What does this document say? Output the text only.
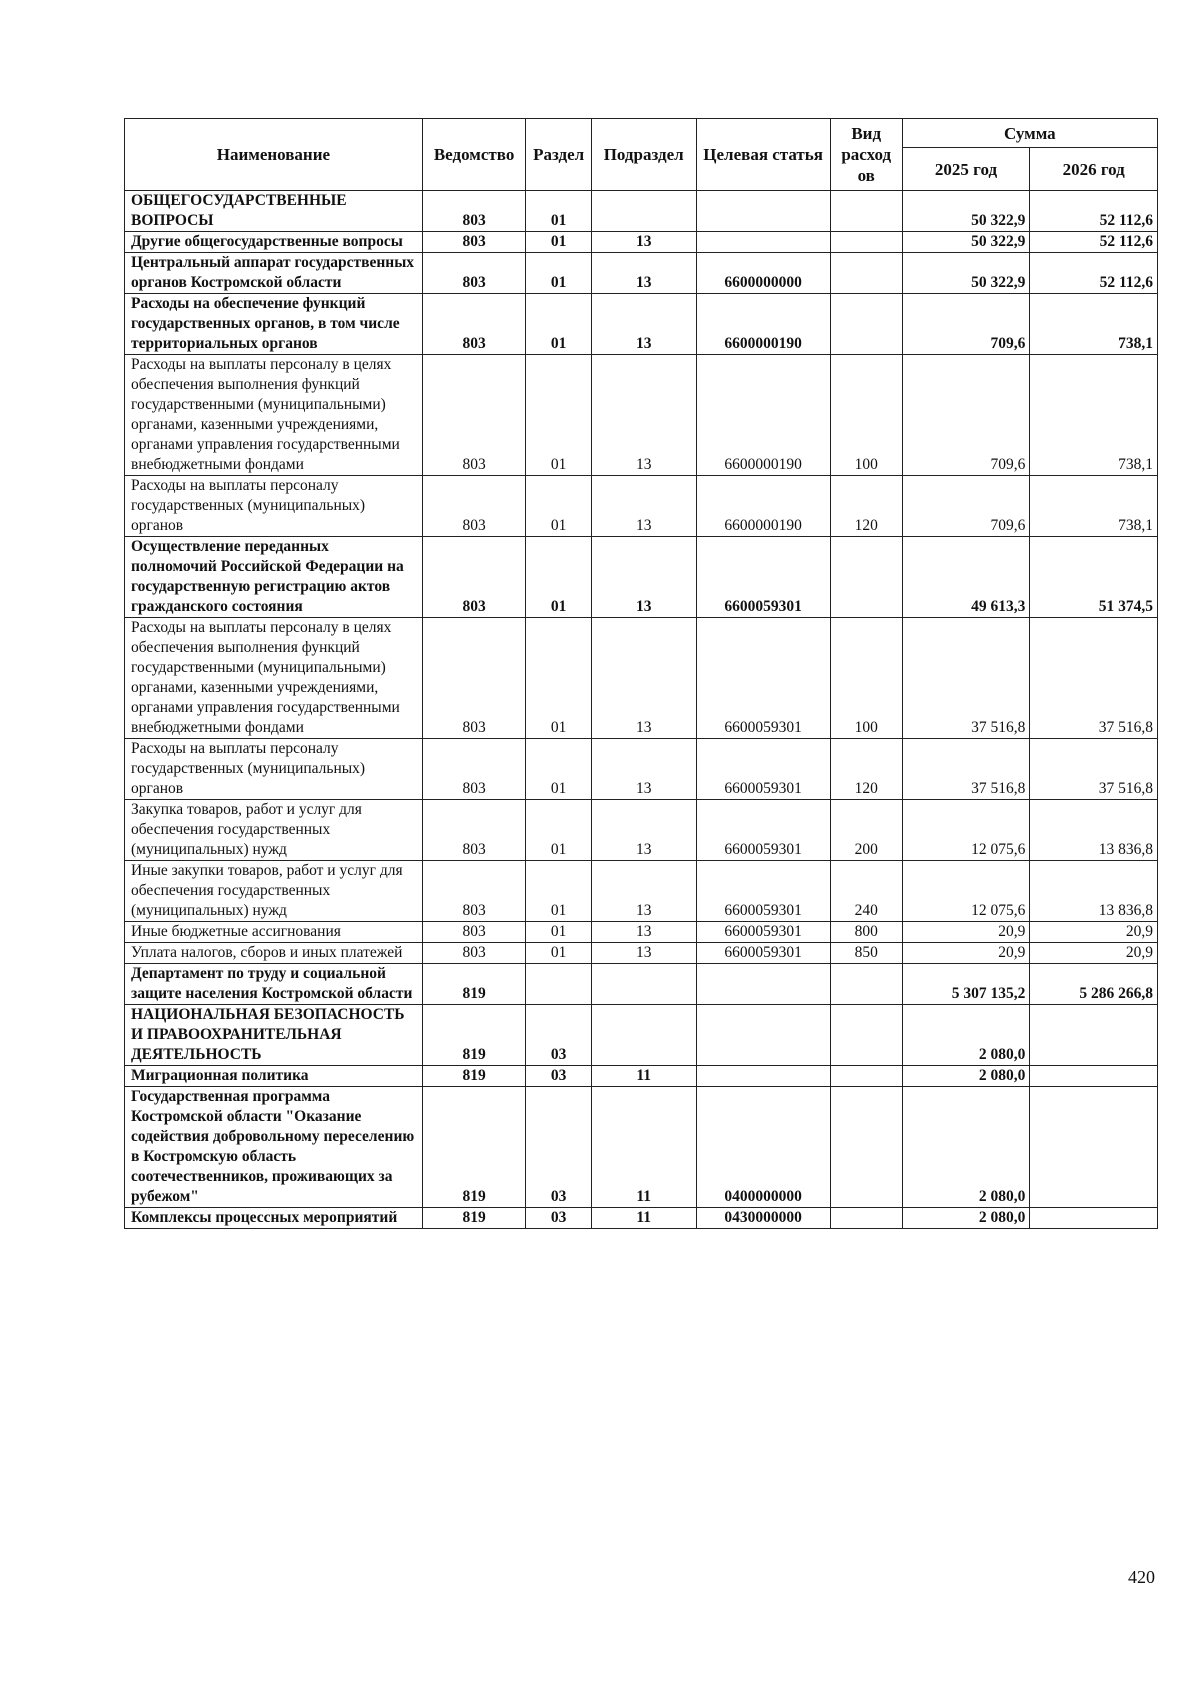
Наименование	Ведомство	Раздел	Подраздел	Целевая статья	Вид расход ов	Сумма	
						2025 год	2026 год
ОБЩЕГОСУДАРСТВЕННЫЕ ВОПРОСЫ	803	01				50 322,9	52 112,6
Другие общегосударственные вопросы	803	01	13			50 322,9	52 112,6
Центральный аппарат государственных органов Костромской области	803	01	13	6600000000		50 322,9	52 112,6
Расходы на обеспечение функций государственных органов, в том числе территориальных органов	803	01	13	6600000190		709,6	738,1
Расходы на выплаты персоналу в целях обеспечения выполнения функций государственными (муниципальными) органами, казенными учреждениями, органами управления государственными внебюджетными фондами	803	01	13	6600000190	100	709,6	738,1
Расходы на выплаты персоналу государственных (муниципальных) органов	803	01	13	6600000190	120	709,6	738,1
Осуществление переданных полномочий Российской Федерации на государственную регистрацию актов гражданского состояния	803	01	13	6600059301		49 613,3	51 374,5
Расходы на выплаты персоналу в целях обеспечения выполнения функций государственными (муниципальными) органами, казенными учреждениями, органами управления государственными внебюджетными фондами	803	01	13	6600059301	100	37 516,8	37 516,8
Расходы на выплаты персоналу государственных (муниципальных) органов	803	01	13	6600059301	120	37 516,8	37 516,8
Закупка товаров, работ и услуг для обеспечения государственных (муниципальных) нужд	803	01	13	6600059301	200	12 075,6	13 836,8
Иные закупки товаров, работ и услуг для обеспечения государственных (муниципальных) нужд	803	01	13	6600059301	240	12 075,6	13 836,8
Иные бюджетные ассигнования	803	01	13	6600059301	800	20,9	20,9
Уплата налогов, сборов и иных платежей	803	01	13	6600059301	850	20,9	20,9
Департамент по труду и социальной защите населения Костромской области	819					5 307 135,2	5 286 266,8
НАЦИОНАЛЬНАЯ БЕЗОПАСНОСТЬ И ПРАВООХРАНИТЕЛЬНАЯ ДЕЯТЕЛЬНОСТЬ	819	03				2 080,0	
Миграционная политика	819	03	11			2 080,0	
Государственная программа Костромской области "Оказание содействия добровольному переселению в Костромскую область соотечественников, проживающих за рубежом"	819	03	11	0400000000		2 080,0	
Комплексы процессных мероприятий	819	03	11	0430000000		2 080,0	
420
